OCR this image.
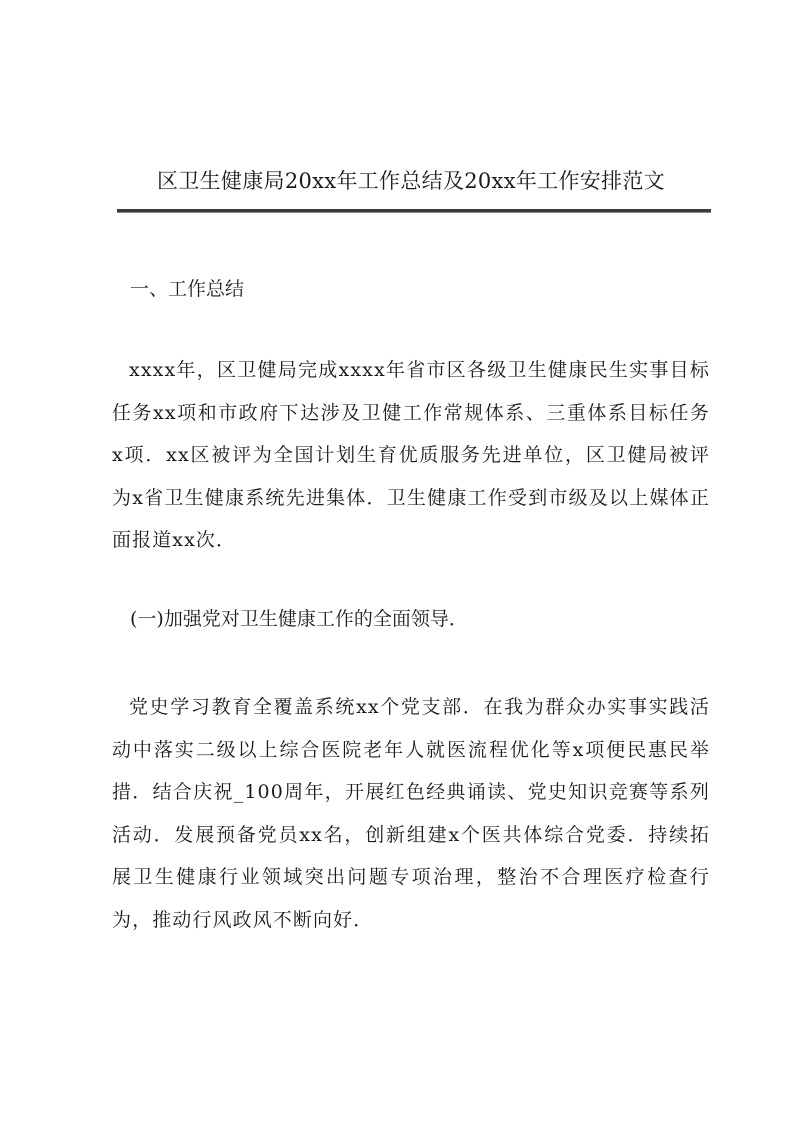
区卫生健康局20xx年工作总结及20xx年工作安排范文
一、工作总结

xxxx年，区卫健局完成xxxx年省市区各级卫生健康民生实事目标任务xx项和市政府下达涉及卫健工作常规体系、三重体系目标任务x项．xx区被评为全国计划生育优质服务先进单位，区卫健局被评为x省卫生健康系统先进集体．卫生健康工作受到市级及以上媒体正面报道xx次．

(一)加强党对卫生健康工作的全面领导．

党史学习教育全覆盖系统xx个党支部．在我为群众办实事实践活动中落实二级以上综合医院老年人就医流程优化等x项便民惠民举措．结合庆祝_100周年，开展红色经典诵读、党史知识竞赛等系列活动．发展预备党员xx名，创新组建x个医共体综合党委．持续拓展卫生健康行业领域突出问题专项治理，整治不合理医疗检查行为，推动行风政风不断向好．
